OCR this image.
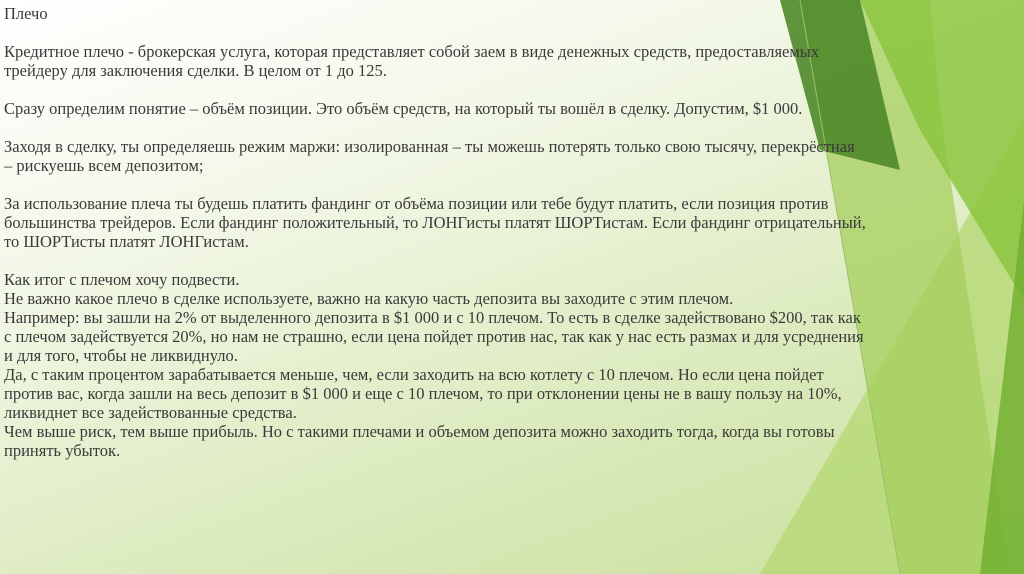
Плечо

Кредитное плечо - брокерская услуга, которая представляет собой заем в виде денежных средств, предоставляемых
трейдеру для заключения сделки. В целом от 1 до 125.

Сразу определим понятие – объём позиции. Это объём средств, на который ты вошёл в сделку. Допустим, $1 000.

Заходя в сделку, ты определяешь режим маржи: изолированная – ты можешь потерять только свою тысячу, перекрёстная
– рискуешь всем депозитом;

За использование плеча ты будешь платить фандинг от объёма позиции или тебе будут платить, если позиция против
большинства трейдеров. Если фандинг положительный, то ЛОНГисты платят ШОРТистам. Если фандинг отрицательный,
то ШОРТисты платят ЛОНГистам.

Как итог с плечом хочу подвести.

Не важно какое плечо в сделке используете, важно на какую часть депозита вы заходите с этим плечом.

Например: вы зашли на 2% от выделенного депозита в $1 000 и с 10 плечом. То есть в сделке задействовано $200, так как
с плечом задействуется 20%, но нам не страшно, если цена пойдет против нас, так как у нас есть размах и для усреднения
и для того, чтобы не ликвиднуло.

Да, с таким процентом зарабатывается меньше, чем, если заходить на всю котлету с 10 плечом. Но если цена пойдет
против вас, когда зашли на весь депозит в $1 000 и еще с 10 плечом, то при отклонении цены не в вашу пользу на 10%,
ликвиднет все задействованные средства.

Чем выше риск, тем выше прибыль. Но с такими плечами и объемом депозита можно заходить тогда, когда вы готовы
принять убыток.
